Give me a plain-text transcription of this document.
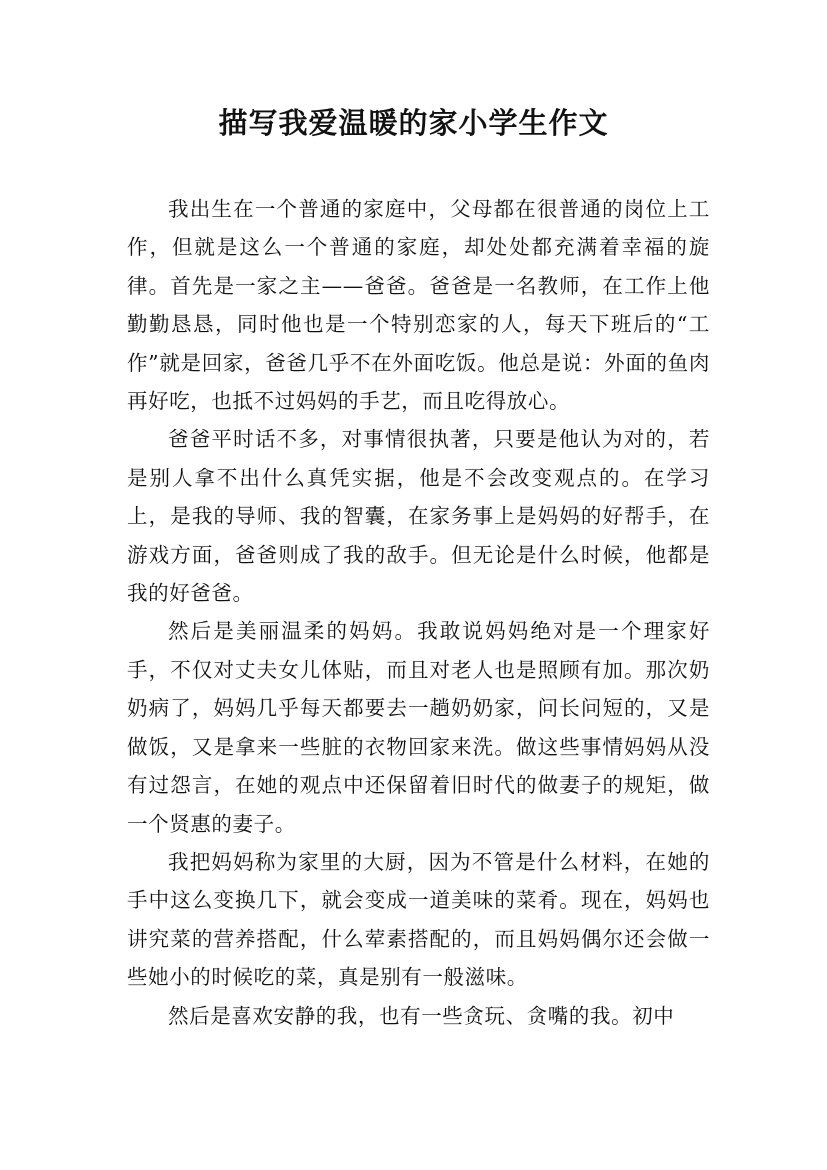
描写我爱温暖的家小学生作文

我出生在一个普通的家庭中，父母都在很普通的岗位上工作，但就是这么一个普通的家庭，却处处都充满着幸福的旋律。首先是一家之主——爸爸。爸爸是一名教师，在工作上他勤勤恳恳，同时他也是一个特别恋家的人，每天下班后的“工作”就是回家，爸爸几乎不在外面吃饭。他总是说：外面的鱼肉再好吃，也抵不过妈妈的手艺，而且吃得放心。

爸爸平时话不多，对事情很执著，只要是他认为对的，若是别人拿不出什么真凭实据，他是不会改变观点的。在学习上，是我的导师、我的智囊，在家务事上是妈妈的好帮手，在游戏方面，爸爸则成了我的敌手。但无论是什么时候，他都是我的好爸爸。

然后是美丽温柔的妈妈。我敢说妈妈绝对是一个理家好手，不仅对丈夫女儿体贴，而且对老人也是照顾有加。那次奶奶病了，妈妈几乎每天都要去一趟奶奶家，问长问短的，又是做饭，又是拿来一些脏的衣物回家来洗。做这些事情妈妈从没有过怨言，在她的观点中还保留着旧时代的做妻子的规矩，做一个贤惠的妻子。

我把妈妈称为家里的大厨，因为不管是什么材料，在她的手中这么变换几下，就会变成一道美味的菜肴。现在，妈妈也讲究菜的营养搭配，什么荤素搭配的，而且妈妈偶尔还会做一些她小的时候吃的菜，真是别有一般滋味。

然后是喜欢安静的我，也有一些贪玩、贪嘴的我。初中
